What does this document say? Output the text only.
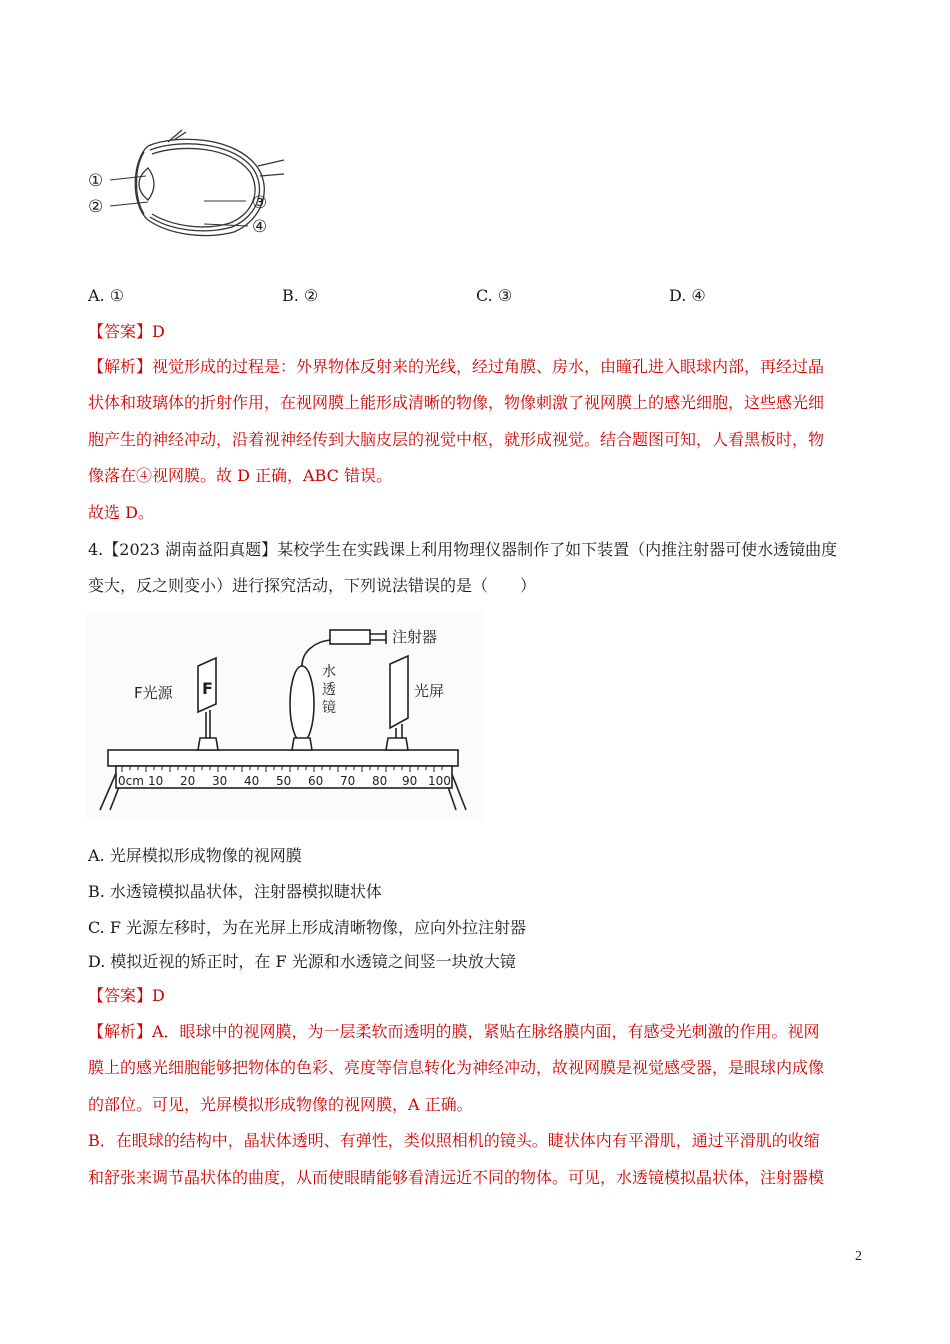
①
②	③
④
A. ①	B. ②	C. ③	D. ④
【答案】D
【解析】视觉形成的过程是：外界物体反射来的光线，经过角膜、房水，由瞳孔进入眼球内部，再经过晶
状体和玻璃体的折射作用，在视网膜上能形成清晰的物像，物像刺激了视网膜上的感光细胞，这些感光细
胞产生的神经冲动，沿着视神经传到大脑皮层的视觉中枢，就形成视觉。结合题图可知，人看黑板时，物
像落在④视网膜。故 D 正确，ABC 错误。
故选 D。
4.【2023 湖南益阳真题】某校学生在实践课上利用物理仪器制作了如下装置（内推注射器可使水透镜曲度
变大，反之则变小）进行探究活动，下列说法错误的是（　　）
F光源 F
水
透
镜
注射器
光屏
0cm 10 20 30 40 50 60 70 80 90 100
A. 光屏模拟形成物像的视网膜
B. 水透镜模拟晶状体，注射器模拟睫状体
C. F 光源左移时，为在光屏上形成清晰物像，应向外拉注射器
D. 模拟近视的矫正时，在 F 光源和水透镜之间竖一块放大镜
【答案】D
【解析】A．眼球中的视网膜，为一层柔软而透明的膜，紧贴在脉络膜内面，有感受光刺激的作用。视网
膜上的感光细胞能够把物体的色彩、亮度等信息转化为神经冲动，故视网膜是视觉感受器，是眼球内成像
的部位。可见，光屏模拟形成物像的视网膜，A 正确。
B．在眼球的结构中，晶状体透明、有弹性，类似照相机的镜头。睫状体内有平滑肌，通过平滑肌的收缩
和舒张来调节晶状体的曲度，从而使眼睛能够看清远近不同的物体。可见，水透镜模拟晶状体，注射器模
2
